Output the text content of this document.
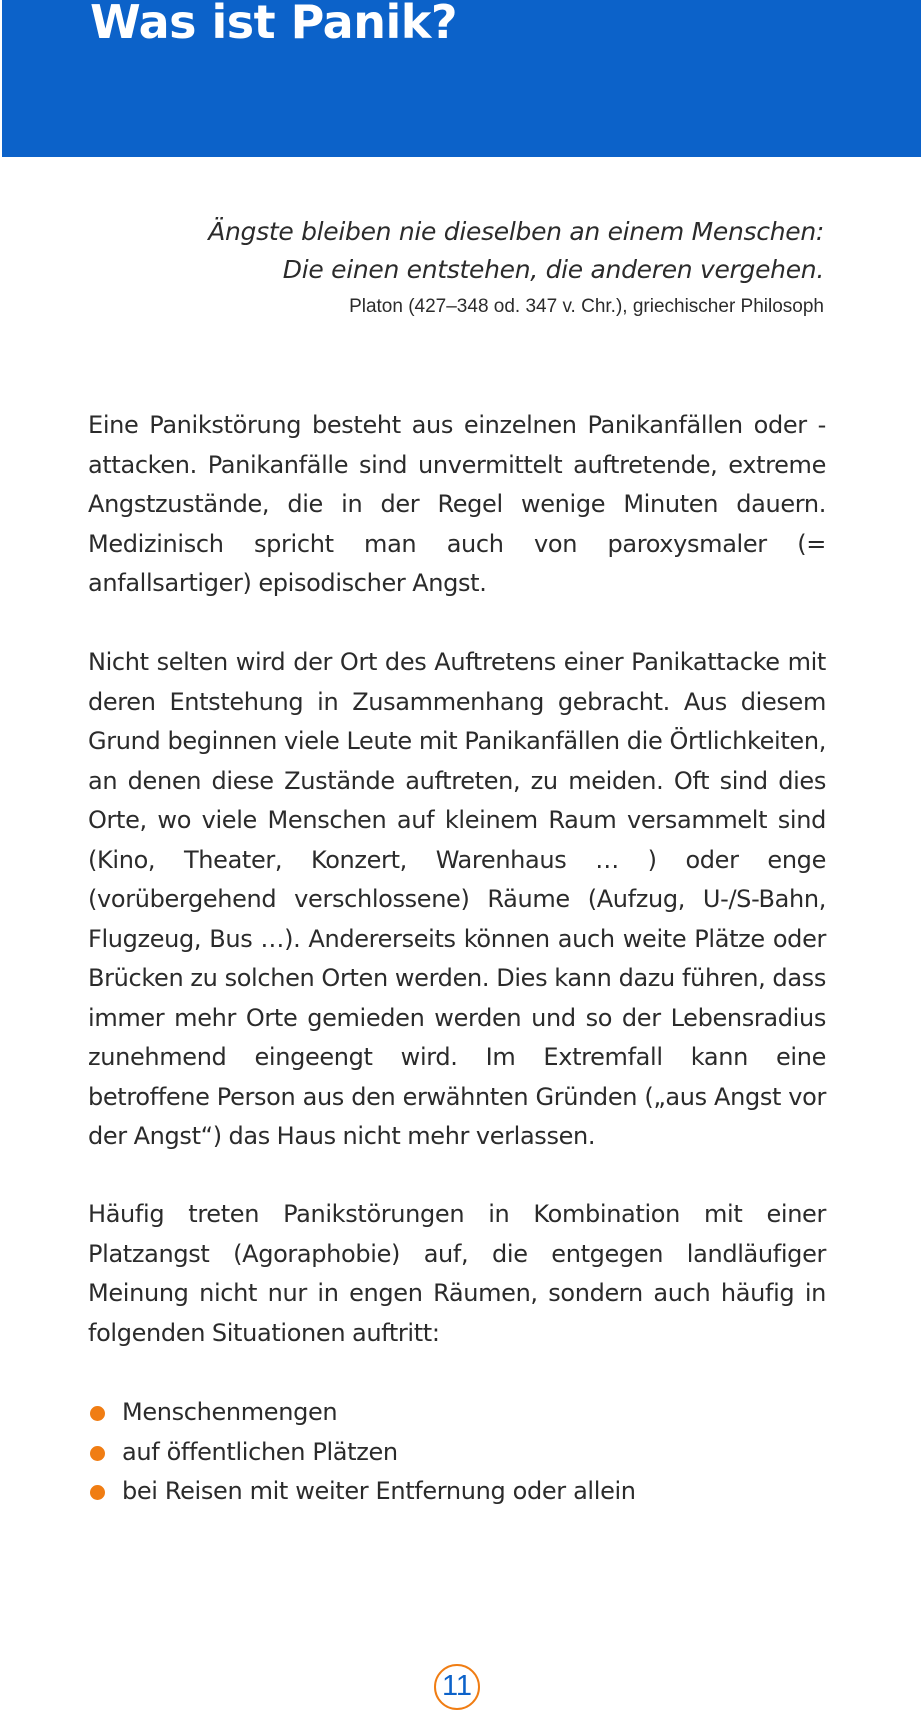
Was ist Panik?
Ängste bleiben nie dieselben an einem Menschen:
Die einen entstehen, die anderen vergehen.
Platon (427–348 od. 347 v. Chr.), griechischer Philosoph

Eine Panikstörung besteht aus einzelnen Panikanfällen oder -attacken. Panikanfälle sind unvermittelt auftretende, extreme Angstzustände, die in der Regel wenige Minuten dauern. Medizinisch spricht man auch von paroxysmaler (= anfallsartiger) episodischer Angst.

Nicht selten wird der Ort des Auftretens einer Panikattacke mit deren Entstehung in Zusammenhang gebracht. Aus diesem Grund beginnen viele Leute mit Panikanfällen die Örtlichkeiten, an denen diese Zustände auftreten, zu meiden. Oft sind dies Orte, wo viele Menschen auf kleinem Raum versammelt sind (Kino, Theater, Konzert, Warenhaus … ) oder enge (vorübergehend verschlossene) Räume (Aufzug, U-/S-Bahn, Flugzeug, Bus …). Andererseits können auch weite Plätze oder Brücken zu solchen Orten werden. Dies kann dazu führen, dass immer mehr Orte gemieden werden und so der Lebensradius zunehmend eingeengt wird. Im Extremfall kann eine betroffene Person aus den erwähnten Gründen („aus Angst vor der Angst“) das Haus nicht mehr verlassen.

Häufig treten Panikstörungen in Kombination mit einer Platzangst (Agoraphobie) auf, die entgegen landläufiger Meinung nicht nur in engen Räumen, sondern auch häufig in folgenden Situationen auftritt:

Menschenmengen
auf öffentlichen Plätzen
bei Reisen mit weiter Entfernung oder allein
11
